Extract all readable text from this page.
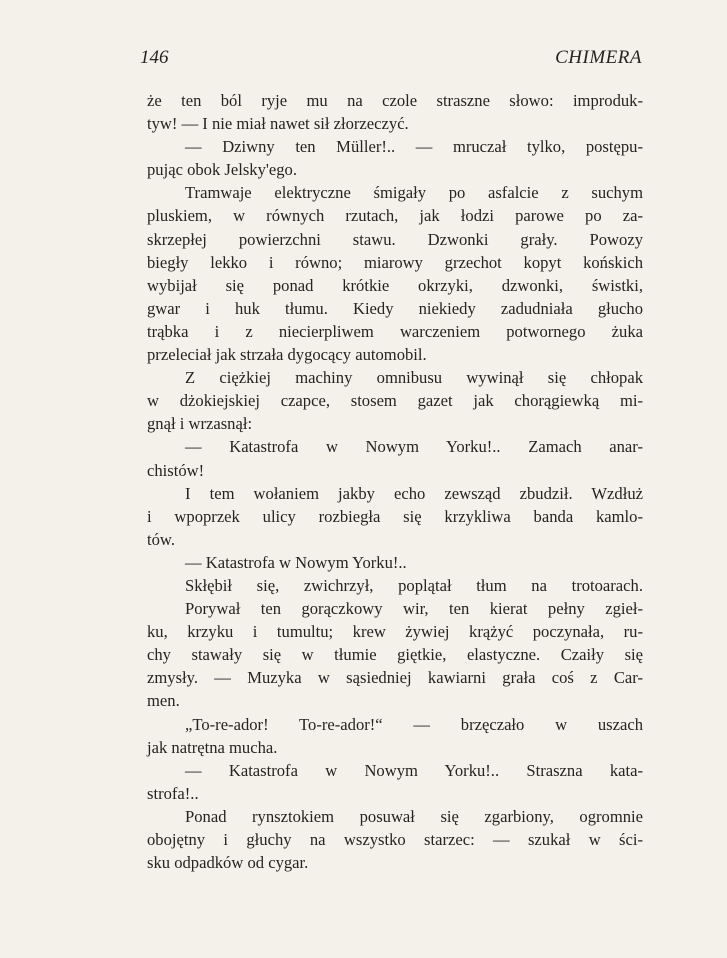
146	CHIMERA
że ten ból ryje mu na czole straszne słowo: improduk-
tyw! — I nie miał nawet sił złorzeczyć.
— Dziwny ten Müller!.. — mruczał tylko, postępu-
pując obok Jelsky'ego.
Tramwaje elektryczne śmigały po asfalcie z suchym
pluskiem, w równych rzutach, jak łodzi parowe po za-
skrzepłej powierzchni stawu. Dzwonki grały. Powozy
biegły lekko i równo; miarowy grzechot kopyt końskich
wybijał się ponad krótkie okrzyki, dzwonki, świstki,
gwar i huk tłumu. Kiedy niekiedy zadudniała głucho
trąbka i z niecierpliwem warczeniem potwornego żuka
przeleciał jak strzała dygocący automobil.
Z ciężkiej machiny omnibusu wywinął się chłopak
w dżokiejskiej czapce, stosem gazet jak chorągiewką mi-
gnął i wrzasnął:
— Katastrofa w Nowym Yorku!.. Zamach anar-
chistów!
I tem wołaniem jakby echo zewsząd zbudził. Wzdłuż
i wpoprzek ulicy rozbiegła się krzykliwa banda kamlo-
tów.
— Katastrofa w Nowym Yorku!..
Skłębił się, zwichrzył, poplątał tłum na trotoarach.
Porywał ten gorączkowy wir, ten kierat pełny zgieł-
ku, krzyku i tumultu; krew żywiej krążyć poczynała, ru-
chy stawały się w tłumie giętkie, elastyczne. Czaiły się
zmysły. — Muzyka w sąsiedniej kawiarni grała coś z Car-
men.
„To-re-ador! To-re-ador!“ — brzęczało w uszach
jak natrętna mucha.
— Katastrofa w Nowym Yorku!.. Straszna kata-
strofa!..
Ponad rynsztokiem posuwał się zgarbiony, ogromnie
obojętny i głuchy na wszystko starzec: — szukał w ści-
sku odpadków od cygar.
